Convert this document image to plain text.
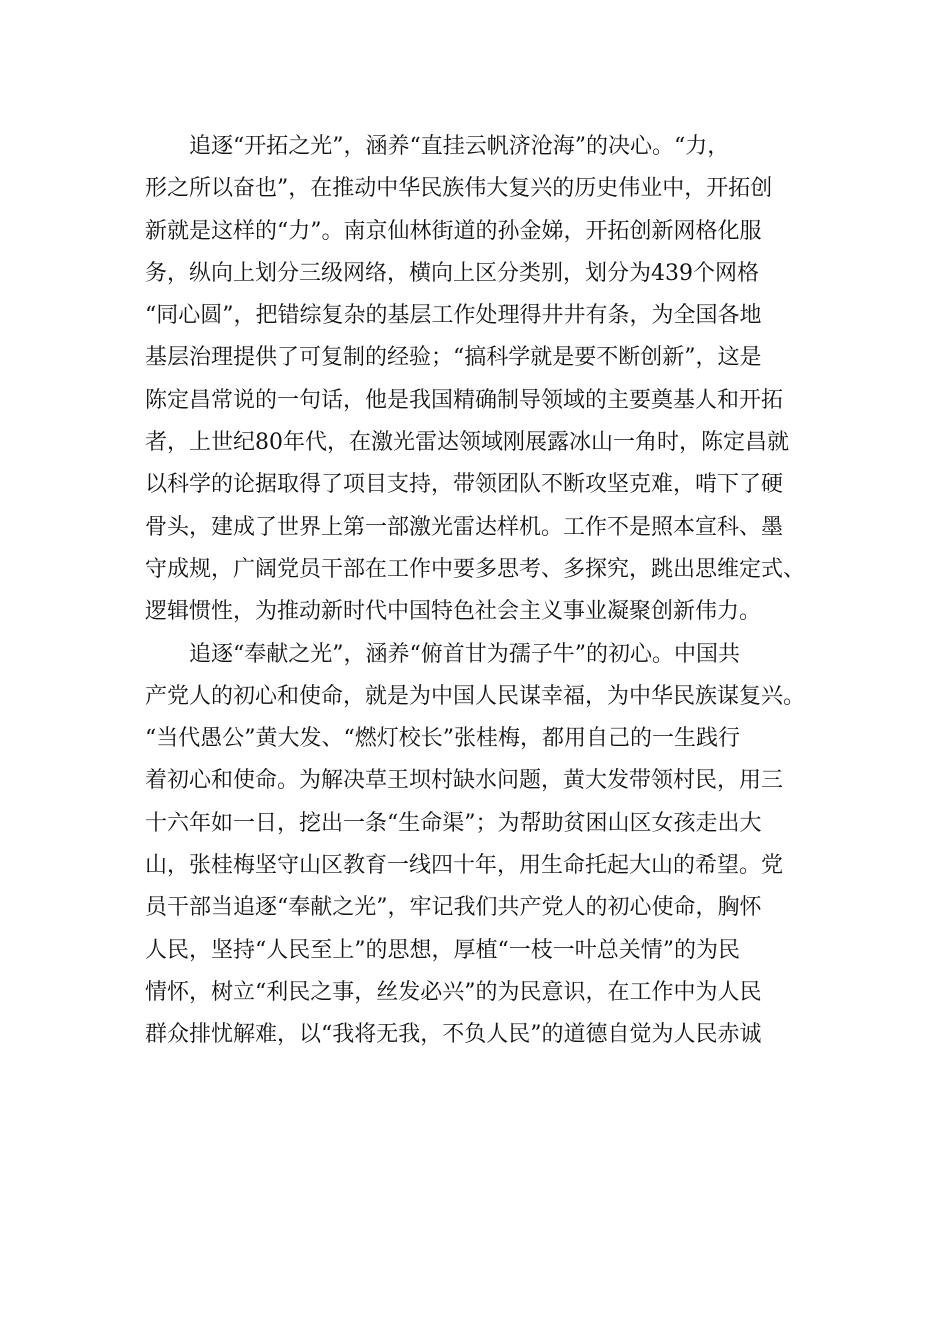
追逐“开拓之光”，涵养“直挂云帆济沧海”的决心。“力，
形之所以奋也”，在推动中华民族伟大复兴的历史伟业中，开拓创
新就是这样的“力”。南京仙林街道的孙金娣，开拓创新网格化服
务，纵向上划分三级网络，横向上区分类别，划分为439个网格
“同心圆”，把错综复杂的基层工作处理得井井有条，为全国各地
基层治理提供了可复制的经验；“搞科学就是要不断创新”，这是
陈定昌常说的一句话，他是我国精确制导领域的主要奠基人和开拓
者，上世纪80年代，在激光雷达领域刚展露冰山一角时，陈定昌就
以科学的论据取得了项目支持，带领团队不断攻坚克难，啃下了硬
骨头，建成了世界上第一部激光雷达样机。工作不是照本宣科、墨
守成规，广阔党员干部在工作中要多思考、多探究，跳出思维定式、
逻辑惯性，为推动新时代中国特色社会主义事业凝聚创新伟力。
追逐“奉献之光”，涵养“俯首甘为孺子牛”的初心。中国共
产党人的初心和使命，就是为中国人民谋幸福，为中华民族谋复兴。
“当代愚公”黄大发、“燃灯校长”张桂梅，都用自己的一生践行
着初心和使命。为解决草王坝村缺水问题，黄大发带领村民，用三
十六年如一日，挖出一条“生命渠”；为帮助贫困山区女孩走出大
山，张桂梅坚守山区教育一线四十年，用生命托起大山的希望。党
员干部当追逐“奉献之光”，牢记我们共产党人的初心使命，胸怀
人民，坚持“人民至上”的思想，厚植“一枝一叶总关情”的为民
情怀，树立“利民之事，丝发必兴”的为民意识，在工作中为人民
群众排忧解难，以“我将无我，不负人民”的道德自觉为人民赤诚
